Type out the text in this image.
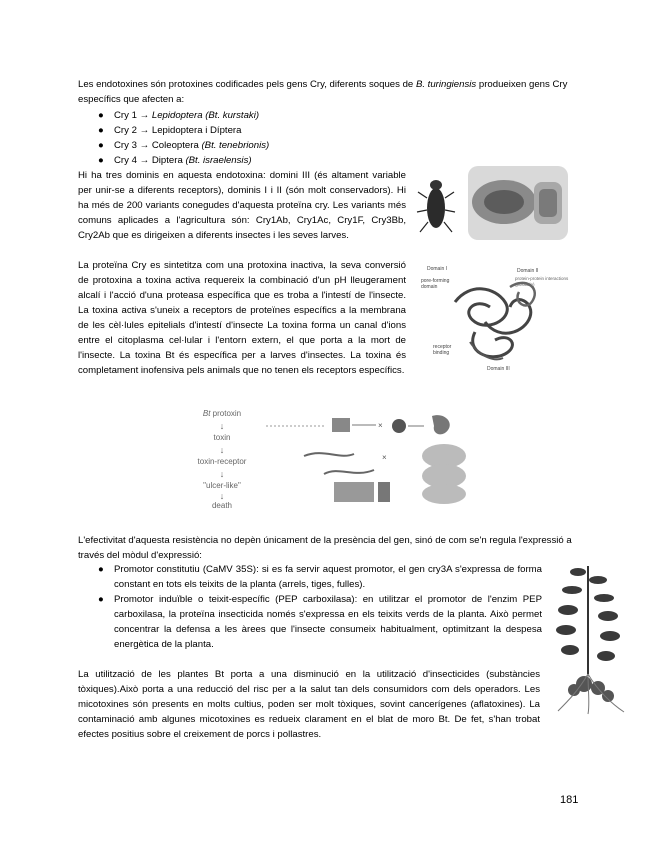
Les endotoxines són protoxines codificades pels gens Cry, diferents soques de B. turingiensis produeixen gens Cry específics que afecten a:

● Cry 1 → Lepidoptera (Bt. kurstaki)
● Cry 2 → Lepidoptera i Díptera
● Cry 3 → Coleoptera (Bt. tenebrionis)
● Cry 4 → Diptera (Bt. israelensis)

Hi ha tres dominis en aquesta endotoxina: domini III (és altament variable per unir-se a diferents receptors), dominis I i II (són molt conservadors). Hi ha més de 200 variants conegudes d'aquesta proteïna cry. Les variants més comuns aplicades a l'agricultura són: Cry1Ab, Cry1Ac, Cry1F, Cry3Bb, Cry2Ab que es dirigeixen a diferents insectes i les seves larves.

La proteïna Cry es sintetitza com una protoxina inactiva, la seva conversió de protoxina a toxina activa requereix la combinació d'un pH lleugerament alcalí i l'acció d'una proteasa específica que es troba a l'intestí de l'insecte. La toxina activa s'uneix a receptors de proteïnes específics a la membrana de les cèl·lules epitelials d'intestí d'insecte La toxina forma un canal d'ions entre el citoplasma cel·lular i l'entorn extern, el que porta a la mort de l'insecte. La toxina Bt és específica per a larves d'insectes. La toxina és completament inofensiva pels animals que no tenen els receptors específics.

Domain I	Domain II
pore-forming domain
protein-protein interactions (possible)
receptor binding
Domain III
Bt protoxin
↓
toxin
↓
toxin-receptor
↓
"ulcer-like"
↓
death
×
×

L'efectivitat d'aquesta resistència no depèn únicament de la presència del gen, sinó de com se'n regula l'expressió a través del mòdul d'expressió:

● Promotor constitutiu (CaMV 35S): si es fa servir aquest promotor, el gen cry3A s'expressa de forma constant en tots els teixits de la planta (arrels, tiges, fulles).
● Promotor induïble o teixit-específic (PEP carboxilasa): en utilitzar el promotor de l'enzim PEP carboxilasa, la proteïna insecticida només s'expressa en els teixits verds de la planta. Això permet concentrar la defensa a les àrees que l'insecte consumeix habitualment, optimitzant la despesa energètica de la planta.

La utilització de les plantes Bt porta a una disminució en la utilització d'insecticides (substàncies tòxiques).Això porta a una reducció del risc per a la salut tan dels consumidors com dels operadors. Les micotoxines són presents en molts cultius, poden ser molt tòxiques, sovint cancerígenes (aflatoxines). La contaminació amb algunes micotoxines es redueix clarament en el blat de moro Bt. De fet, s'han trobat efectes positius sobre el creixement de porcs i pollastres.

181
